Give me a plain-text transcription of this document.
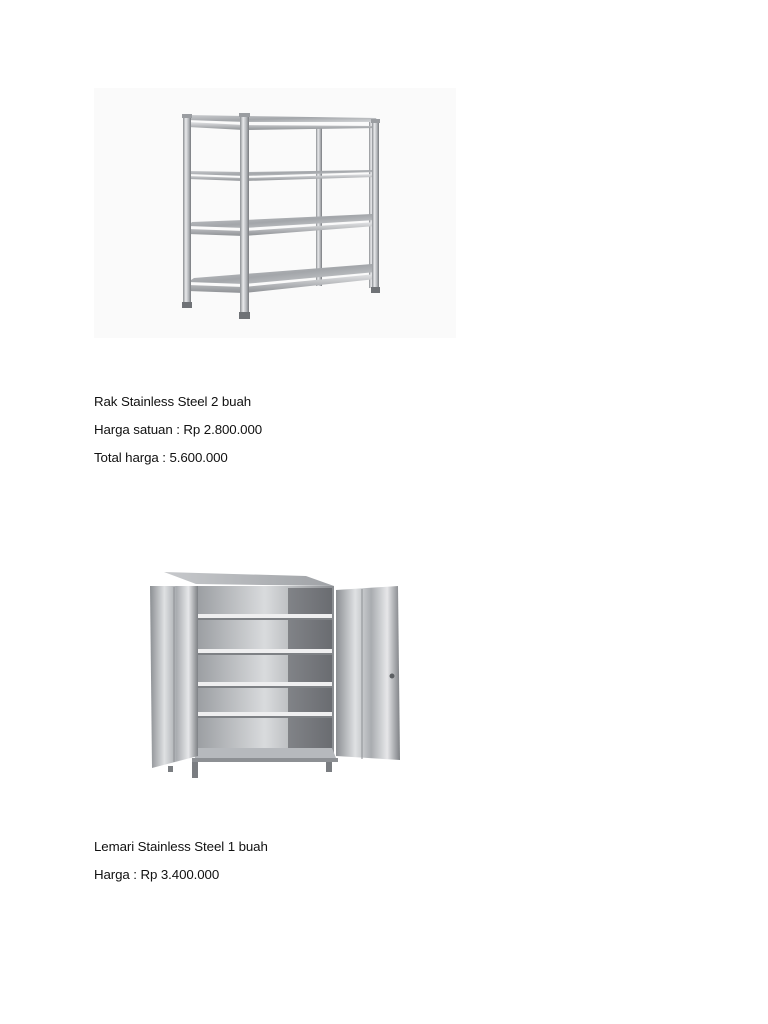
Rak Stainless Steel 2 buah
Harga satuan : Rp 2.800.000
Total harga : 5.600.000
Lemari Stainless Steel 1 buah
Harga : Rp 3.400.000
